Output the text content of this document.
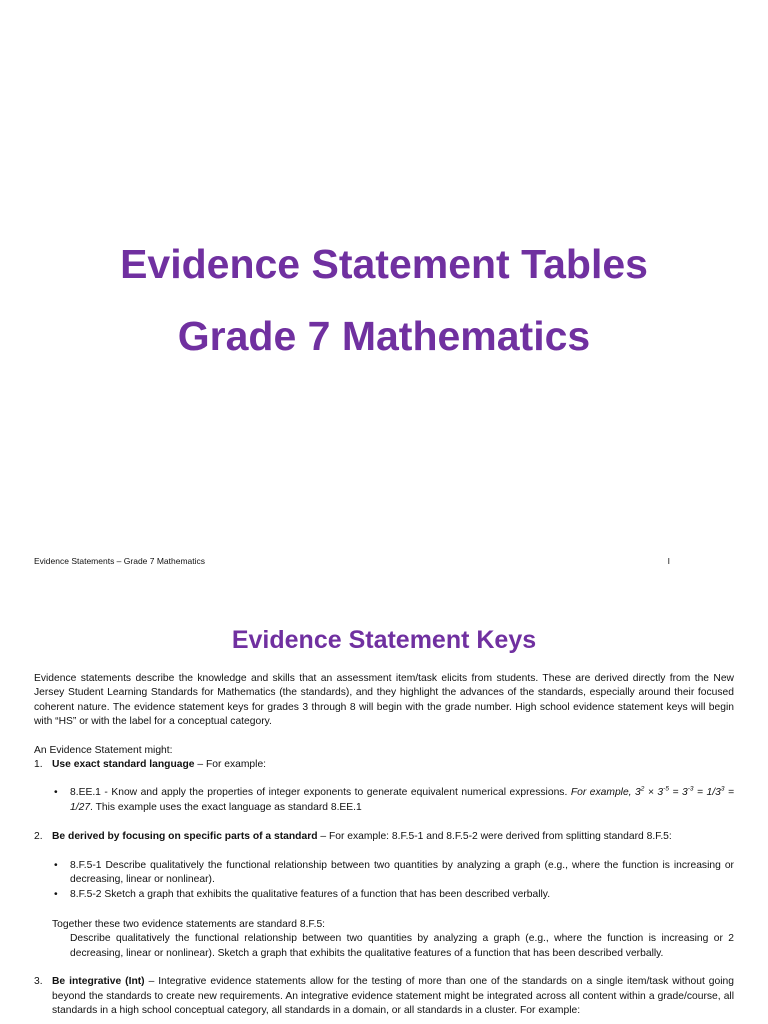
Evidence Statement Tables
Grade 7 Mathematics
Evidence Statements – Grade 7 Mathematics	I
Evidence Statement Keys

Evidence statements describe the knowledge and skills that an assessment item/task elicits from students. These are derived directly from the New Jersey Student Learning Standards for Mathematics (the standards), and they highlight the advances of the standards, especially around their focused coherent nature. The evidence statement keys for grades 3 through 8 will begin with the grade number. High school evidence statement keys will begin with “HS” or with the label for a conceptual category.

An Evidence Statement might:

1. Use exact standard language – For example:
•	8.EE.1 - Know and apply the properties of integer exponents to generate equivalent numerical expressions. For example, $3^2 \times 3^{-5} = 3^{-3} = 1/3^3 = 1/27$. This example uses the exact language as standard 8.EE.1
2. Be derived by focusing on specific parts of a standard – For example: 8.F.5-1 and 8.F.5-2 were derived from splitting standard 8.F.5:
•	8.F.5-1 Describe qualitatively the functional relationship between two quantities by analyzing a graph (e.g., where the function is increasing or decreasing, linear or nonlinear).
•	8.F.5-2 Sketch a graph that exhibits the qualitative features of a function that has been described verbally.

Together these two evidence statements are standard 8.F.5:

Describe qualitatively the functional relationship between two quantities by analyzing a graph (e.g., where the function is increasing or 2 decreasing, linear or nonlinear). Sketch a graph that exhibits the qualitative features of a function that has been described verbally.

3. Be integrative (Int) – Integrative evidence statements allow for the testing of more than one of the standards on a single item/task without going beyond the standards to create new requirements. An integrative evidence statement might be integrated across all content within a grade/course, all standards in a high school conceptual category, all standards in a domain, or all standards in a cluster. For example:
